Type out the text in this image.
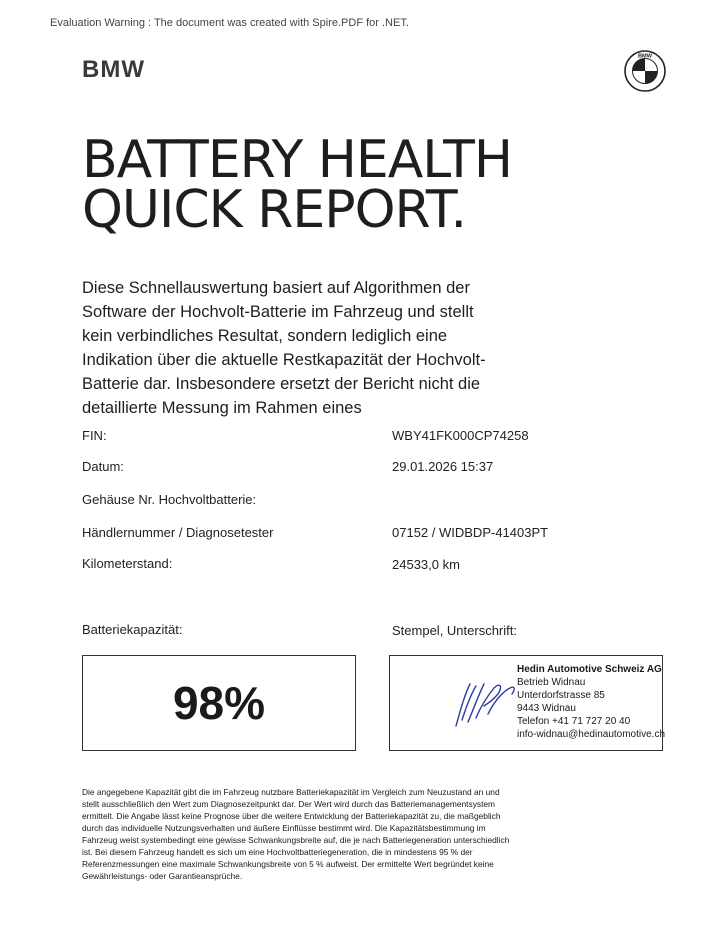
Evaluation Warning : The document was created with Spire.PDF for .NET.
BMW	BMW
BATTERY HEALTH
QUICK REPORT.
Diese Schnellauswertung basiert auf Algorithmen der Software der Hochvolt-Batterie im Fahrzeug und stellt kein verbindliches Resultat, sondern lediglich eine Indikation über die aktuelle Restkapazität der Hochvolt-Batterie dar. Insbesondere ersetzt der Bericht nicht die detaillierte Messung im Rahmen eines
FIN:	WBY41FK000CP74258
Datum:	29.01.2026 15:37
Gehäuse Nr. Hochvoltbatterie:
Händlernummer / Diagnosetester	07152 / WIDBDP-41403PT
Kilometerstand:	24533,0 km
Batteriekapazität:	Stempel, Unterschrift:
98%
Hedin Automotive Schweiz AG
Betrieb Widnau
Unterdorfstrasse 85
9443 Widnau
Telefon +41 71 727 20 40
info-widnau@hedinautomotive.ch
Die angegebene Kapazität gibt die im Fahrzeug nutzbare Batteriekapazität im Vergleich zum Neuzustand an und stellt ausschließlich den Wert zum Diagnosezeitpunkt dar. Der Wert wird durch das Batteriemanagementsystem ermittelt. Die Angabe lässt keine Prognose über die weitere Entwicklung der Batteriekapazität zu, die maßgeblich durch das individuelle Nutzungsverhalten und äußere Einflüsse bestimmt wird. Die Kapazitätsbestimmung im Fahrzeug weist systembedingt eine gewisse Schwankungsbreite auf, die je nach Batteriegeneration unterschiedlich ist. Bei diesem Fahrzeug handelt es sich um eine Hochvoltbatteriegeneration, die in mindestens 95 % der Referenzmessungen eine maximale Schwankungsbreite von 5 % aufweist. Der ermittelte Wert begründet keine Gewährleistungs- oder Garantieansprüche.
